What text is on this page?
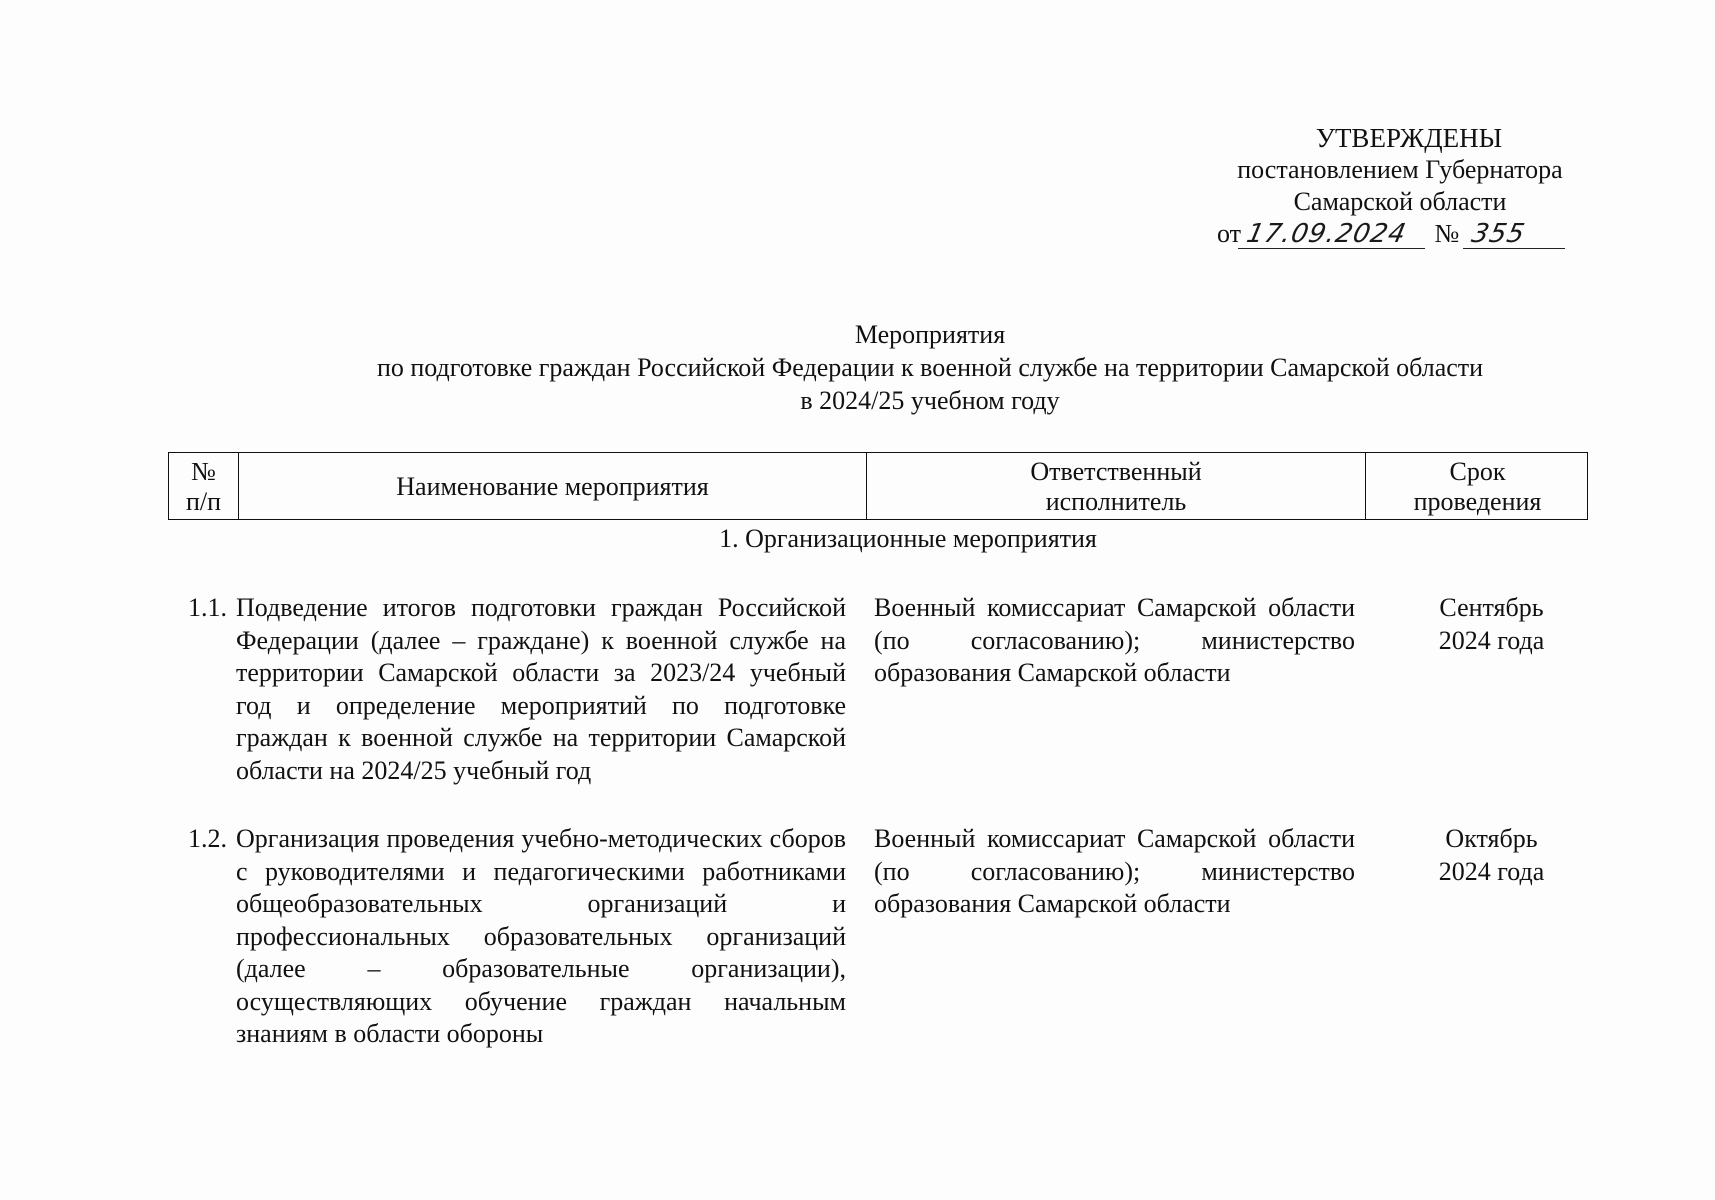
УТВЕРЖДЕНЫ
постановлением Губернатора
Самарской области
от 17.09.2024 № 355
Мероприятия
по подготовке граждан Российской Федерации к военной службе на территории Самарской области
в 2024/25 учебном году
№
п/п
Наименование мероприятия
Ответственный
исполнитель
Срок
проведения
1. Организационные мероприятия
1.1. Подведение итогов подготовки граждан Российской Федерации (далее – граждане) к военной службе на территории Самарской области за 2023/24 учебный год и определение мероприятий по подготовке граждан к военной службе на территории Самарской области на 2024/25 учебный год
Военный комиссариат Самарской области (по согласованию); министерство образования Самарской области
Сентябрь
2024 года
1.2. Организация проведения учебно-методических сборов с руководителями и педагогическими работниками общеобразовательных организаций и профессиональных образовательных организаций (далее – образовательные организации), осуществляющих обучение граждан начальным знаниям в области обороны
Военный комиссариат Самарской области (по согласованию); министерство образования Самарской области
Октябрь
2024 года
